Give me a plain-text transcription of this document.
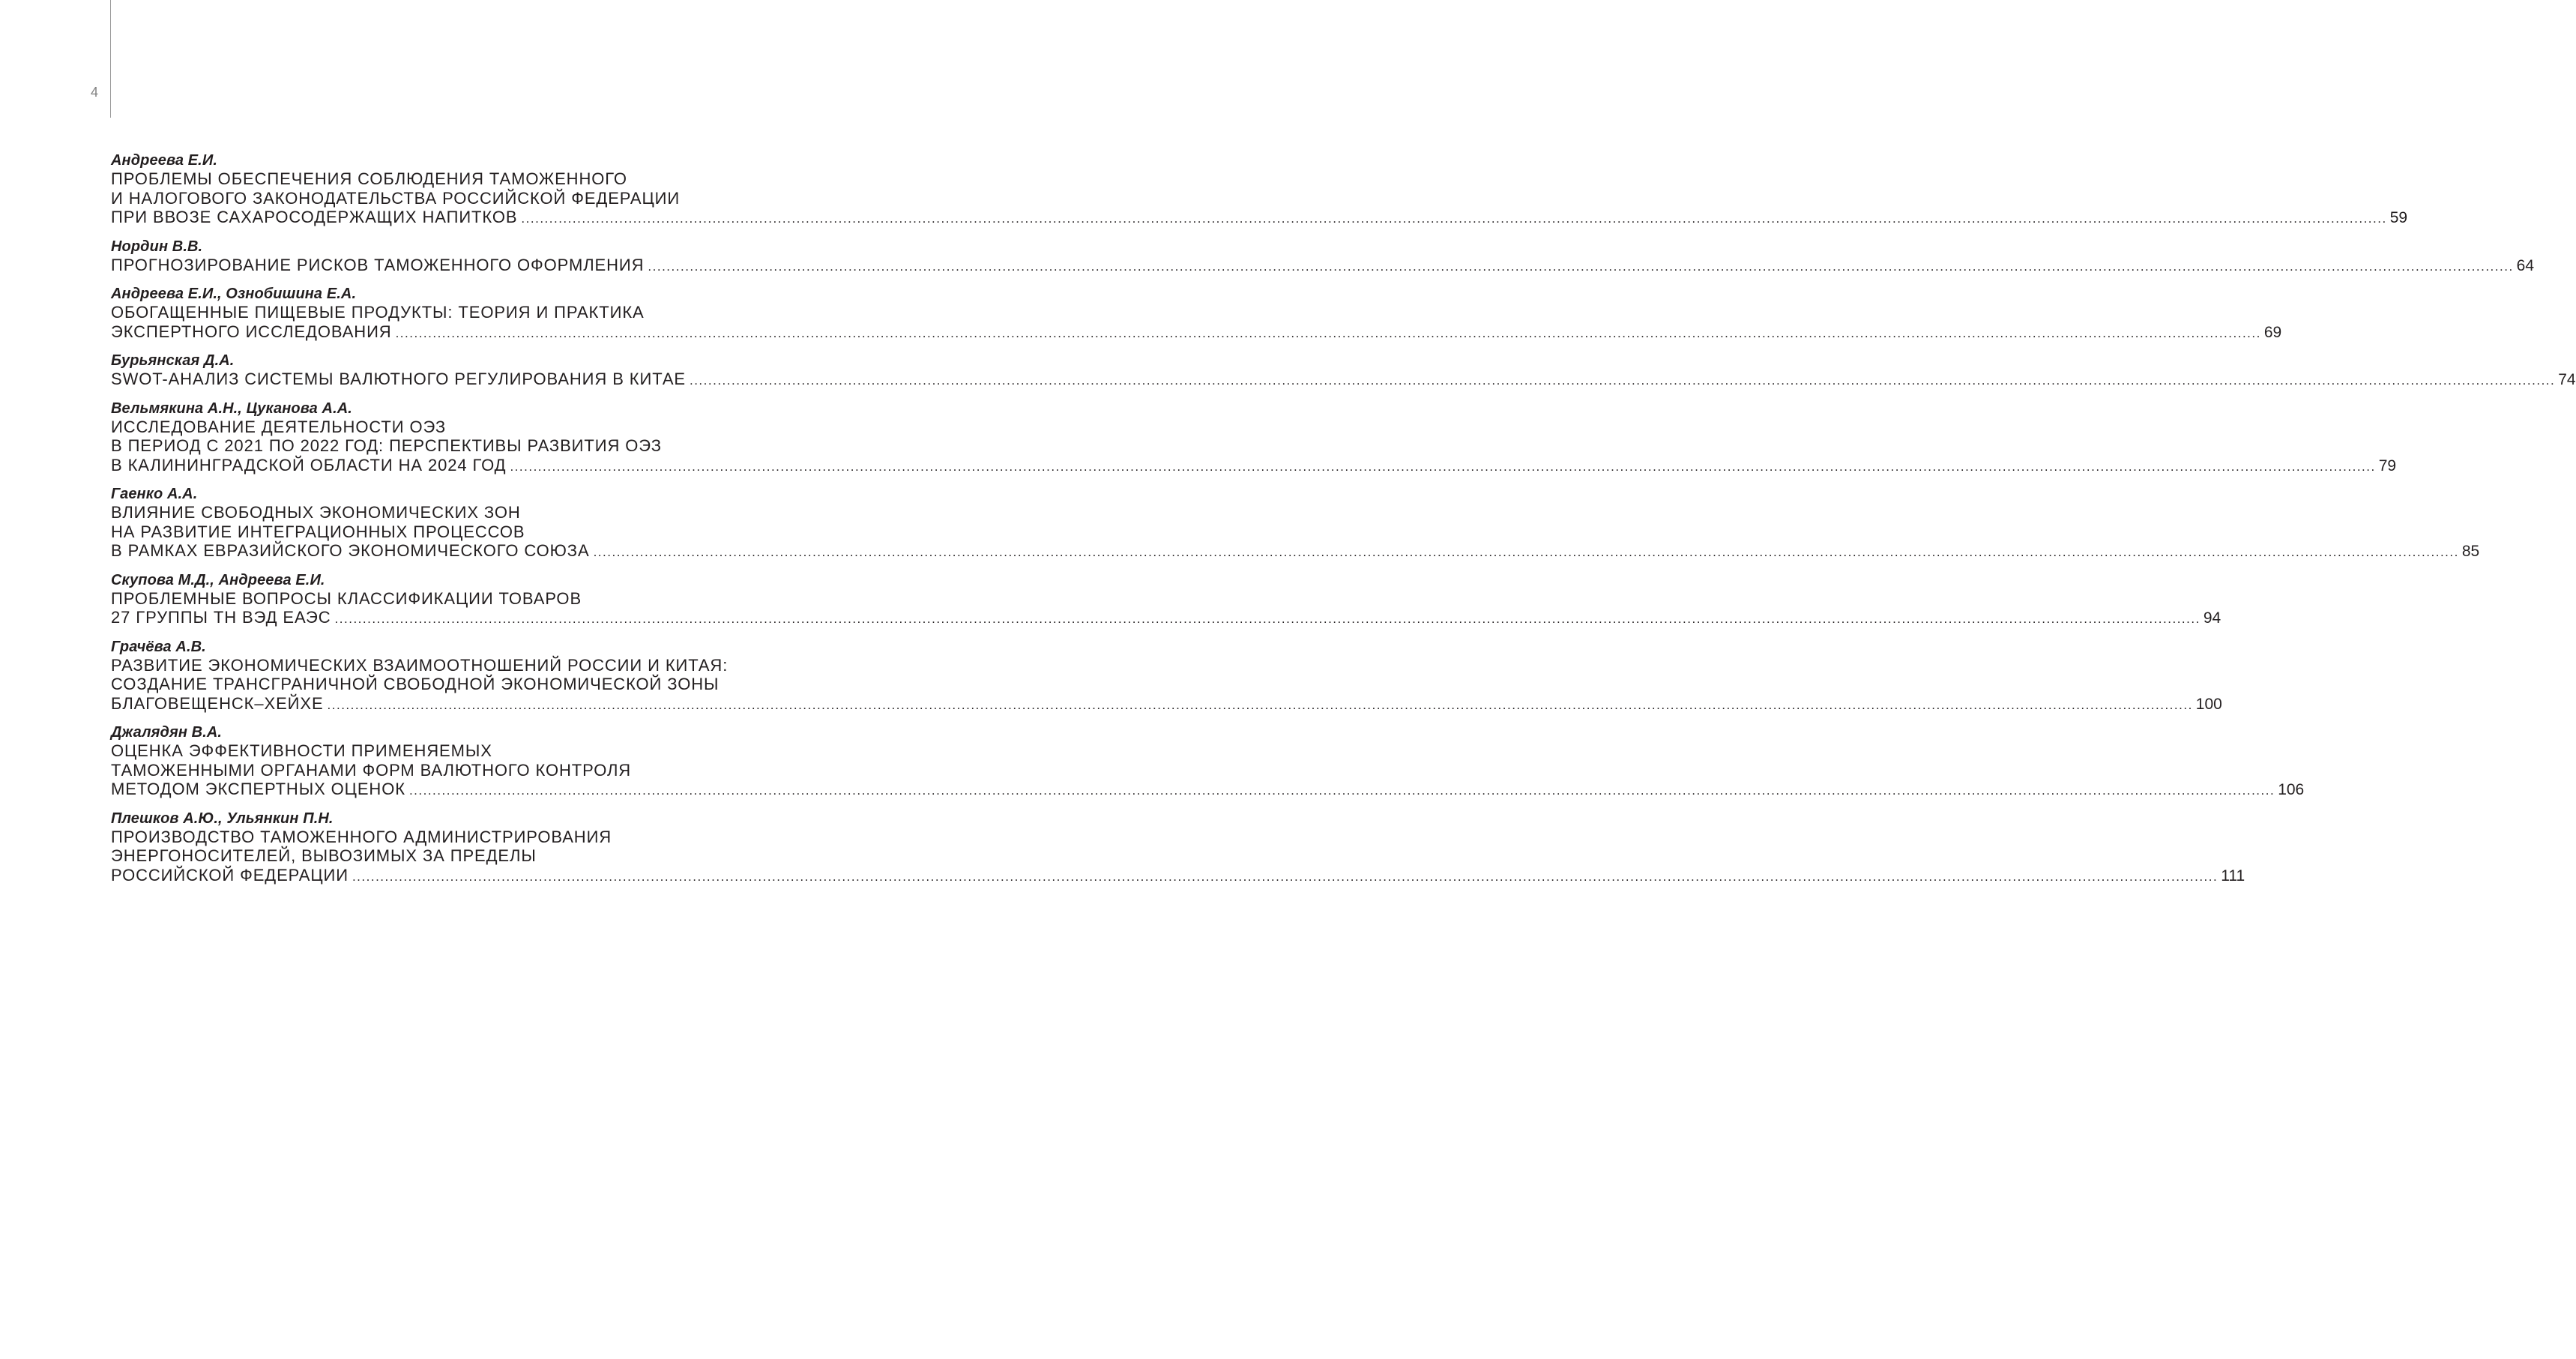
4
Андреева Е.И.
ПРОБЛЕМЫ ОБЕСПЕЧЕНИЯ СОБЛЮДЕНИЯ ТАМОЖЕННОГО
И НАЛОГОВОГО ЗАКОНОДАТЕЛЬСТВА РОССИЙСКОЙ ФЕДЕРАЦИИ
ПРИ ВВОЗЕ САХАРОСОДЕРЖАЩИХ НАПИТКОВ ................................................................................................................................................................................................................................................................................................................................................................................................................ 59
Нордин В.В.
ПРОГНОЗИРОВАНИЕ РИСКОВ ТАМОЖЕННОГО ОФОРМЛЕНИЯ ................................................................................................................................................................................................................................................................................................................................................................................................................ 64
Андреева Е.И., Ознобишина Е.А.
ОБОГАЩЕННЫЕ ПИЩЕВЫЕ ПРОДУКТЫ: ТЕОРИЯ И ПРАКТИКА
ЭКСПЕРТНОГО ИССЛЕДОВАНИЯ ................................................................................................................................................................................................................................................................................................................................................................................................................ 69
Бурьянская Д.А.
SWOT-АНАЛИЗ СИСТЕМЫ ВАЛЮТНОГО РЕГУЛИРОВАНИЯ В КИТАЕ ................................................................................................................................................................................................................................................................................................................................................................................................................ 74
Вельмякина А.Н., Цуканова А.А.
ИССЛЕДОВАНИЕ ДЕЯТЕЛЬНОСТИ ОЭЗ
В ПЕРИОД С 2021 ПО 2022 ГОД: ПЕРСПЕКТИВЫ РАЗВИТИЯ ОЭЗ
В КАЛИНИНГРАДСКОЙ ОБЛАСТИ НА 2024 ГОД ................................................................................................................................................................................................................................................................................................................................................................................................................ 79
Гаенко А.А.
ВЛИЯНИЕ СВОБОДНЫХ ЭКОНОМИЧЕСКИХ ЗОН
НА РАЗВИТИЕ ИНТЕГРАЦИОННЫХ ПРОЦЕССОВ
В РАМКАХ ЕВРАЗИЙСКОГО ЭКОНОМИЧЕСКОГО СОЮЗА ................................................................................................................................................................................................................................................................................................................................................................................................................ 85
Скупова М.Д., Андреева Е.И.
ПРОБЛЕМНЫЕ ВОПРОСЫ КЛАССИФИКАЦИИ ТОВАРОВ
27 ГРУППЫ ТН ВЭД ЕАЭС ................................................................................................................................................................................................................................................................................................................................................................................................................ 94
Грачёва А.В.
РАЗВИТИЕ ЭКОНОМИЧЕСКИХ ВЗАИМООТНОШЕНИЙ РОССИИ И КИТАЯ:
СОЗДАНИЕ ТРАНСГРАНИЧНОЙ СВОБОДНОЙ ЭКОНОМИЧЕСКОЙ ЗОНЫ
БЛАГОВЕЩЕНСК–ХЕЙХЕ ................................................................................................................................................................................................................................................................................................................................................................................................................ 100
Джалядян В.А.
ОЦЕНКА ЭФФЕКТИВНОСТИ ПРИМЕНЯЕМЫХ
ТАМОЖЕННЫМИ ОРГАНАМИ ФОРМ ВАЛЮТНОГО КОНТРОЛЯ
МЕТОДОМ ЭКСПЕРТНЫХ ОЦЕНОК ................................................................................................................................................................................................................................................................................................................................................................................................................ 106
Плешков А.Ю., Ульянкин П.Н.
ПРОИЗВОДСТВО ТАМОЖЕННОГО АДМИНИСТРИРОВАНИЯ
ЭНЕРГОНОСИТЕЛЕЙ, ВЫВОЗИМЫХ ЗА ПРЕДЕЛЫ
РОССИЙСКОЙ ФЕДЕРАЦИИ ................................................................................................................................................................................................................................................................................................................................................................................................................ 111
